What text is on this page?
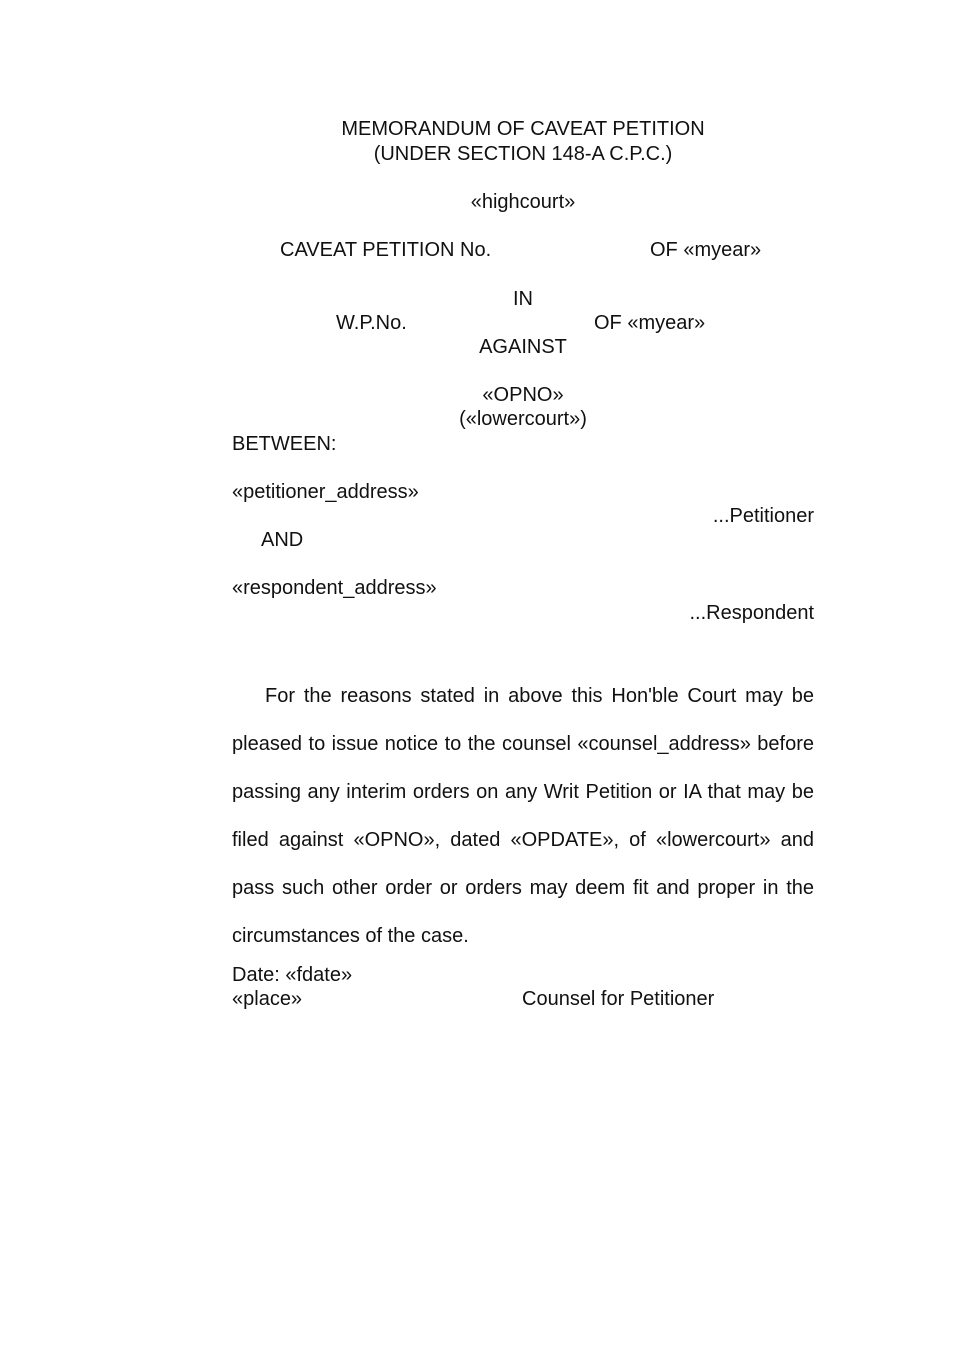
MEMORANDUM OF CAVEAT PETITION
(UNDER SECTION 148-A C.P.C.)
«highcourt»
CAVEAT PETITION No.	OF «myear»
IN
W.P.No.	OF «myear»
AGAINST
«OPNO»
(«lowercourt»)
BETWEEN:
«petitioner_address»
...Petitioner
AND
«respondent_address»
...Respondent
For the reasons stated in above this Hon'ble Court may be pleased to issue notice to the counsel «counsel_address» before passing any interim orders on any Writ Petition or IA that may be filed against «OPNO», dated «OPDATE», of «lowercourt» and pass such other order or orders may deem fit and proper in the circumstances of the case.
Date: «fdate»
«place»	Counsel for Petitioner
